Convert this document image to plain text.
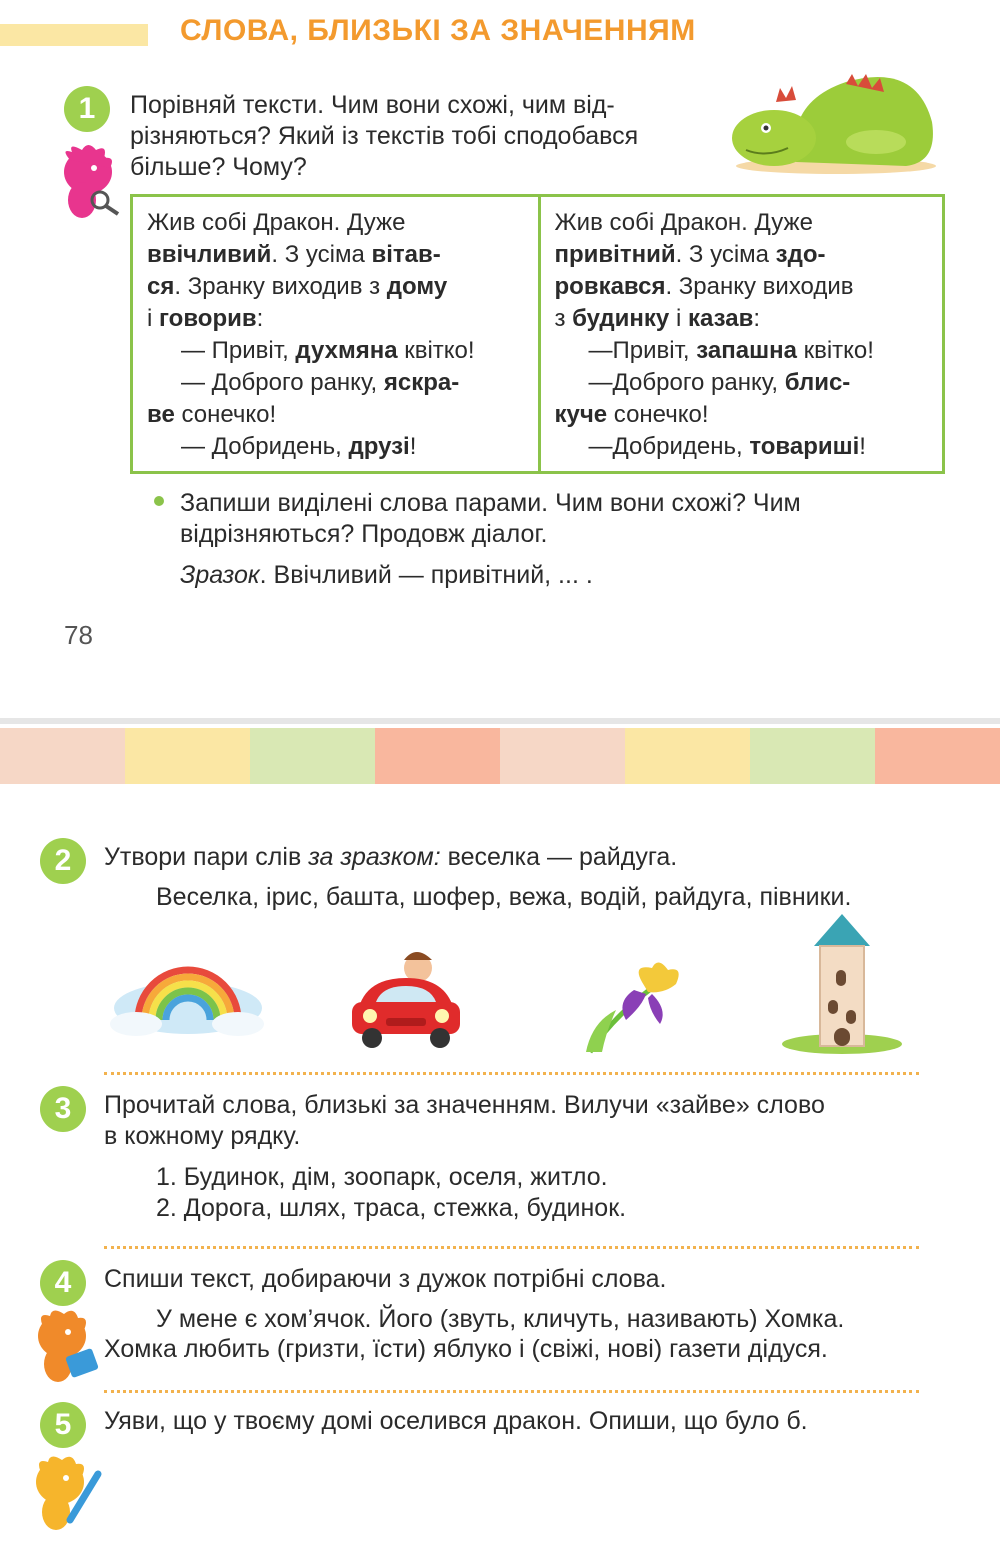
СЛОВА, БЛИЗЬКІ ЗА ЗНАЧЕННЯМ
1	Порівняй тексти. Чим вони схожі, чим від-
різняються? Який із текстів тобі сподобався
більше? Чому?
Жив собі Дракон. Дуже
ввічливий. З усіма вітав-
ся. Зранку виходив з дому
і говорив:
— Привіт, духмяна квітко!
— Доброго ранку, яскра-
ве сонечко!
— Добридень, друзі!
Жив собі Дракон. Дуже
привітний. З усіма здо-
ровкався. Зранку виходив
з будинку і казав:
—Привіт, запашна квітко!
—Доброго ранку, блис-
куче сонечко!
—Добридень, товариші!
Запиши виділені слова парами. Чим вони схожі? Чим
відрізняються? Продовж діалог.
Зразок. Ввічливий — привітний, ... .
78
2	Утвори пари слів за зразком: веселка — райдуга.
Веселка, ірис, башта, шофер, вежа, водій, райдуга, півники.
3	Прочитай слова, близькі за значенням. Вилучи «зайве» слово
в кожному рядку.
1. Будинок, дім, зоопарк, оселя, житло.
2. Дорога, шлях, траса, стежка, будинок.
4	Спиши текст, добираючи з дужок потрібні слова.
У мене є хом’ячок. Його (звуть, кличуть, називають) Хомка.
Хомка любить (гризти, їсти) яблуко і (свіжі, нові) газети дідуся.
5	Уяви, що у твоєму домі оселився дракон. Опиши, що було б.
